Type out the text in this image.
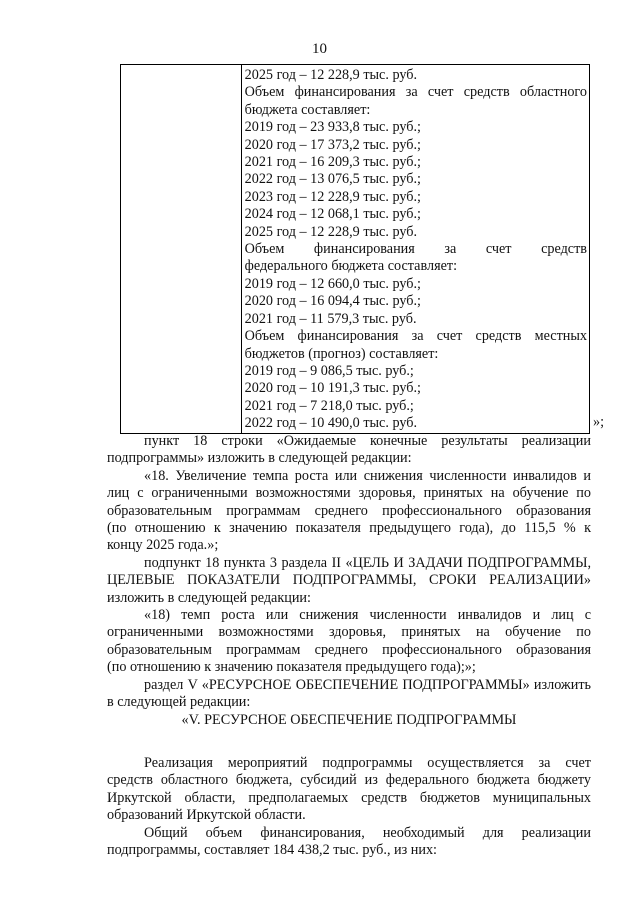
10

2025 год – 12 228,9 тыс. руб.
Объем финансирования за счет средств областного
бюджета составляет:
2019 год – 23 933,8 тыс. руб.;
2020 год – 17 373,2 тыс. руб.;
2021 год – 16 209,3 тыс. руб.;
2022 год – 13 076,5 тыс. руб.;
2023 год – 12 228,9 тыс. руб.;
2024 год – 12 068,1 тыс. руб.;
2025 год – 12 228,9 тыс. руб.
Объем финансирования за счет средств
федерального бюджета составляет:
2019 год – 12 660,0 тыс. руб.;
2020 год – 16 094,4 тыс. руб.;
2021 год – 11 579,3 тыс. руб.
Объем финансирования за счет средств местных
бюджетов (прогноз) составляет:
2019 год – 9 086,5 тыс. руб.;
2020 год – 10 191,3 тыс. руб.;
2021 год – 7 218,0 тыс. руб.;
2022 год – 10 490,0 тыс. руб.	»;

пункт 18 строки «Ожидаемые конечные результаты реализации
подпрограммы» изложить в следующей редакции:

«18. Увеличение темпа роста или снижения численности инвалидов и
лиц с ограниченными возможностями здоровья, принятых на обучение по
образовательным программам среднего профессионального образования
(по отношению к значению показателя предыдущего года), до 115,5 % к
концу 2025 года.»;

подпункт 18 пункта 3 раздела II «ЦЕЛЬ И ЗАДАЧИ ПОДПРОГРАММЫ,
ЦЕЛЕВЫЕ ПОКАЗАТЕЛИ ПОДПРОГРАММЫ, СРОКИ РЕАЛИЗАЦИИ»
изложить в следующей редакции:

«18) темп роста или снижения численности инвалидов и лиц с
ограниченными возможностями здоровья, принятых на обучение по
образовательным программам среднего профессионального образования
(по отношению к значению показателя предыдущего года);»;

раздел V «РЕСУРСНОЕ ОБЕСПЕЧЕНИЕ ПОДПРОГРАММЫ» изложить
в следующей редакции:

«V. РЕСУРСНОЕ ОБЕСПЕЧЕНИЕ ПОДПРОГРАММЫ

Реализация мероприятий подпрограммы осуществляется за счет
средств областного бюджета, субсидий из федерального бюджета бюджету
Иркутской области, предполагаемых средств бюджетов муниципальных
образований Иркутской области.

Общий объем финансирования, необходимый для реализации
подпрограммы, составляет 184 438,2 тыс. руб., из них:
